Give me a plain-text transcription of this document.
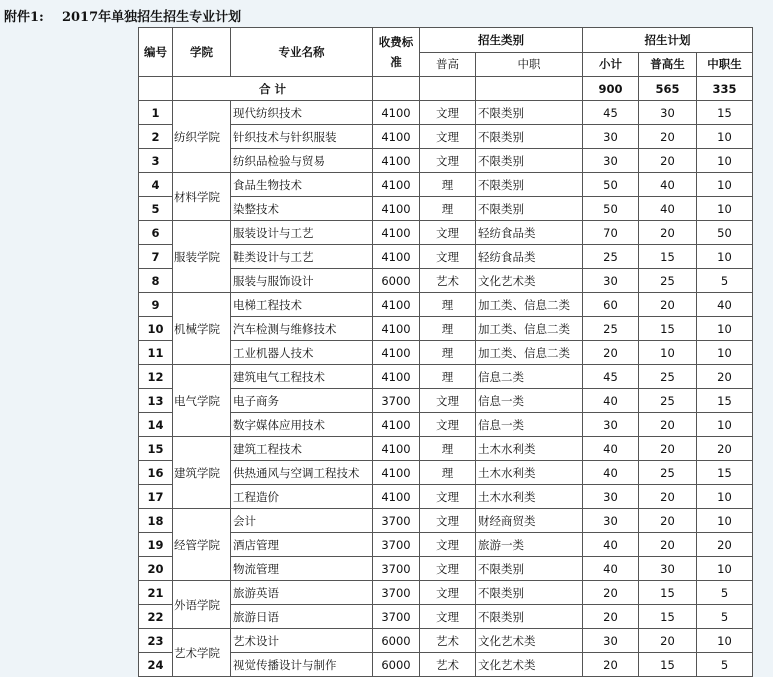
附件1: 2017年单独招生招生专业计划
编号	学院	专业名称	收费标准	招生类别		招生计划		
				普高	中职	小计	普高生	中职生
	合 计					900	565	335
1	纺织学院	现代纺织技术	4100	文理	不限类别	45	30	15
2		针织技术与针织服装	4100	文理	不限类别	30	20	10
3		纺织品检验与贸易	4100	文理	不限类别	30	20	10
4	材料学院	食品生物技术	4100	理	不限类别	50	40	10
5		染整技术	4100	理	不限类别	50	40	10
6	服装学院	服装设计与工艺	4100	文理	轻纺食品类	70	20	50
7		鞋类设计与工艺	4100	文理	轻纺食品类	25	15	10
8		服装与服饰设计	6000	艺术	文化艺术类	30	25	5
9	机械学院	电梯工程技术	4100	理	加工类、信息二类	60	20	40
10		汽车检测与维修技术	4100	理	加工类、信息二类	25	15	10
11		工业机器人技术	4100	理	加工类、信息二类	20	10	10
12	电气学院	建筑电气工程技术	4100	理	信息二类	45	25	20
13		电子商务	3700	文理	信息一类	40	25	15
14		数字媒体应用技术	4100	文理	信息一类	30	20	10
15	建筑学院	建筑工程技术	4100	理	土木水利类	40	20	20
16		供热通风与空调工程技术	4100	理	土木水利类	40	25	15
17		工程造价	4100	文理	土木水利类	30	20	10
18	经管学院	会计	3700	文理	财经商贸类	30	20	10
19		酒店管理	3700	文理	旅游一类	40	20	20
20		物流管理	3700	文理	不限类别	40	30	10
21	外语学院	旅游英语	3700	文理	不限类别	20	15	5
22		旅游日语	3700	文理	不限类别	20	15	5
23	艺术学院	艺术设计	6000	艺术	文化艺术类	30	20	10
24		视觉传播设计与制作	6000	艺术	文化艺术类	20	15	5
